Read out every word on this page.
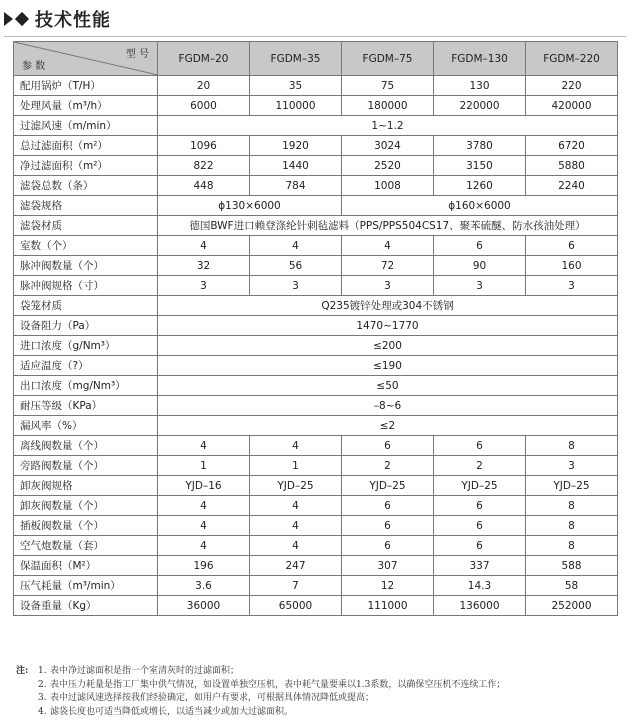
技术性能
型 号
参 数	FGDM–20	FGDM–35	FGDM–75	FGDM–130	FGDM–220
配用锅炉（T/H）	20	35	75	130	220
处理风量（m³/h）	6000	110000	180000	220000	420000
过滤风速（m/min）	1~1.2				
总过滤面积（m²）	1096	1920	3024	3780	6720
净过滤面积（m²）	822	1440	2520	3150	5880
滤袋总数（条）	448	784	1008	1260	2240
滤袋规格	ϕ130×6000		ϕ160×6000		
滤袋材质	德国BWF进口赖登涤纶针刺毡滤料（PPS/PPS504CS17、聚苯硫醚、防水孩油处理）				
室数（个）	4	4	4	6	6
脉冲阀数量（个）	32	56	72	90	160
脉冲阀规格（寸）	3	3	3	3	3
袋笼材质	Q235镀锌处理或304不锈钢				
设备阻力（Pa）	1470~1770				
进口浓度（g/Nm³）	≤200				
适应温度（?）	≤190				
出口浓度（mg/Nm³）	≤50				
耐压等级（KPa）	–8~6				
漏风率（%）	≤2				
离线阀数量（个）	4	4	6	6	8
旁路阀数量（个）	1	1	2	2	3
卸灰阀规格	YJD–16	YJD–25	YJD–25	YJD–25	YJD–25
卸灰阀数量（个）	4	4	6	6	8
插板阀数量（个）	4	4	6	6	8
空气炮数量（套）	4	4	6	6	8
保温面积（M²）	196	247	307	337	588
压气耗量（m³/min）	3.6	7	12	14.3	58
设备重量（Kg）	36000	65000	111000	136000	252000
注:	1. 表中净过滤面积是指一个室清灰时的过滤面积；
2. 表中压力耗量是指工厂集中供气情况，如设置单独空压机，表中耗气量要乘以1.3系数，以确保空压机不连续工作；
3. 表中过滤风速选择按我们经验确定，如用户有要求，可根据具体情况降低或提高；
4. 滤袋长度也可适当降低或增长，以适当减少或加大过滤面积。
